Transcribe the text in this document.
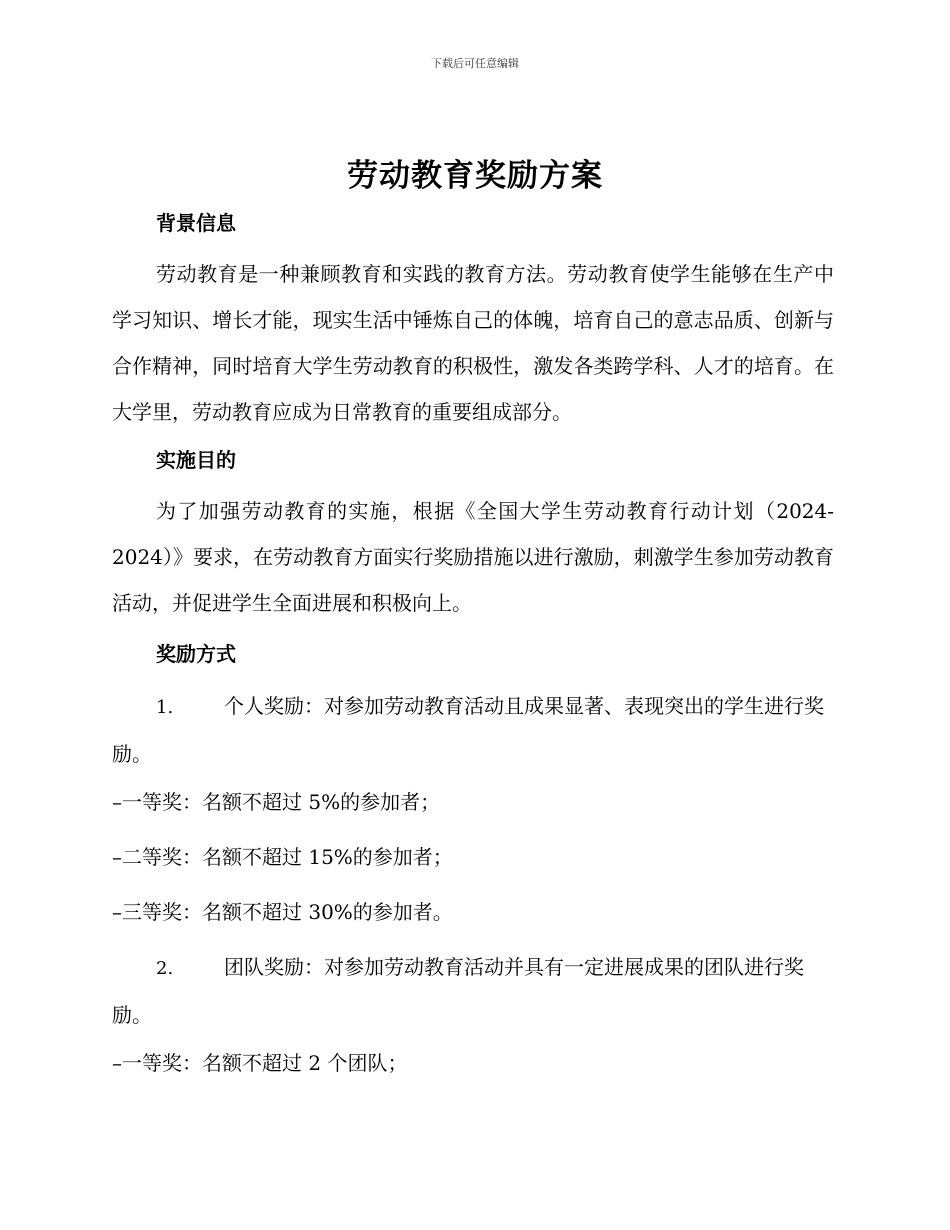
下载后可任意编辑
劳动教育奖励方案
背景信息
劳动教育是一种兼顾教育和实践的教育方法。劳动教育使学生能够在生产中学习知识、增长才能，现实生活中锤炼自己的体魄，培育自己的意志品质、创新与合作精神，同时培育大学生劳动教育的积极性，激发各类跨学科、人才的培育。在大学里，劳动教育应成为日常教育的重要组成部分。
实施目的
为了加强劳动教育的实施，根据《全国大学生劳动教育行动计划（2024-2024）》要求，在劳动教育方面实行奖励措施以进行激励，刺激学生参加劳动教育活动，并促进学生全面进展和积极向上。
奖励方式
1.	个人奖励：对参加劳动教育活动且成果显著、表现突出的学生进行奖励。
–一等奖：名额不超过 5%的参加者；
–二等奖：名额不超过 15%的参加者；
–三等奖：名额不超过 30%的参加者。
2.	团队奖励：对参加劳动教育活动并具有一定进展成果的团队进行奖励。
–一等奖：名额不超过 2 个团队；
